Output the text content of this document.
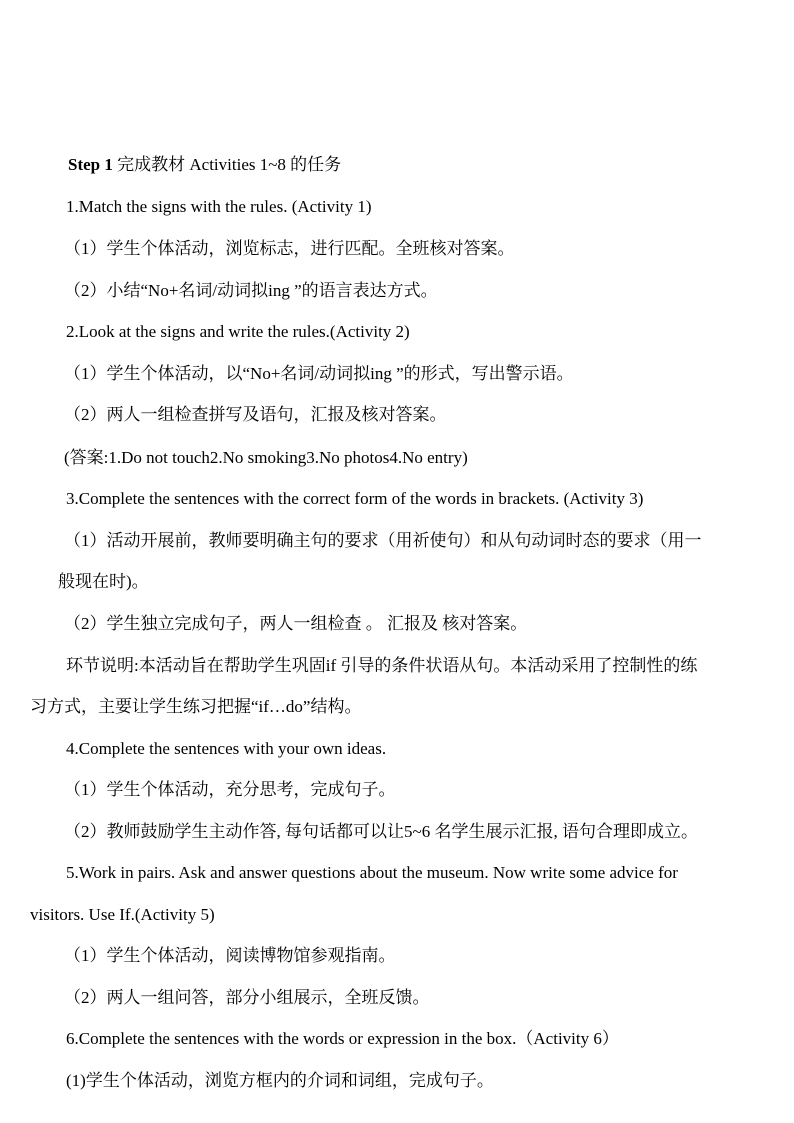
Step 1 完成教材 Activities 1~8 的任务
1.Match the signs with the rules. (Activity 1)
（1）学生个体活动，浏览标志，进行匹配。全班核对答案。
（2）小结“No+名词/动词拟ing ”的语言表达方式。
2.Look at the signs and write the rules.(Activity 2)
（1）学生个体活动，以“No+名词/动词拟ing ”的形式，写出警示语。
（2）两人一组检查拼写及语句，汇报及核对答案。
(答案:1.Do not touch2.No smoking3.No photos4.No entry)
3.Complete the sentences with the correct form of the words in brackets. (Activity 3)
（1）活动开展前，教师要明确主句的要求（用祈使句）和从句动词时态的要求（用一
般现在时)。
（2）学生独立完成句子，两人一组检查 。 汇报及 核对答案。
环节说明:本活动旨在帮助学生巩固if 引导的条件状语从句。本活动采用了控制性的练
习方式，主要让学生练习把握“if…do”结构。
4.Complete the sentences with your own ideas.
（1）学生个体活动，充分思考，完成句子。
（2）教师鼓励学生主动作答, 每句话都可以让5~6 名学生展示汇报, 语句合理即成立。
5.Work in pairs. Ask and answer questions about the museum. Now write some advice for
visitors. Use If.(Activity 5)
（1）学生个体活动，阅读博物馆参观指南。
（2）两人一组问答，部分小组展示，全班反馈。
6.Complete the sentences with the words or expression in the box.（Activity 6）
(1)学生个体活动，浏览方框内的介词和词组，完成句子。
